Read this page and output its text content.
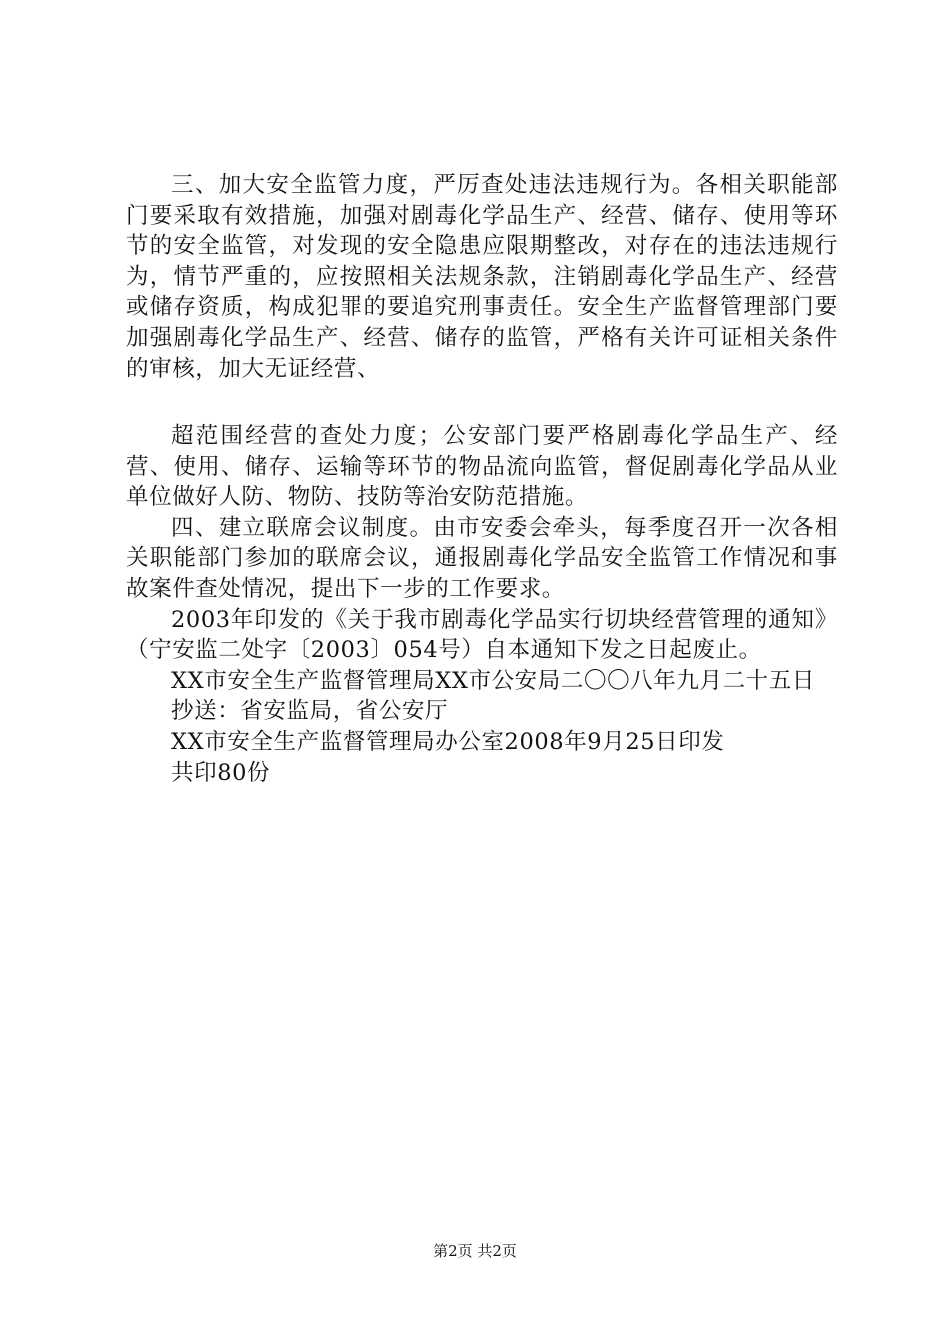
三、加大安全监管力度，严厉查处违法违规行为。各相关职能部门要采取有效措施，加强对剧毒化学品生产、经营、储存、使用等环节的安全监管，对发现的安全隐患应限期整改，对存在的违法违规行为，情节严重的，应按照相关法规条款，注销剧毒化学品生产、经营或储存资质，构成犯罪的要追究刑事责任。安全生产监督管理部门要加强剧毒化学品生产、经营、储存的监管，严格有关许可证相关条件的审核，加大无证经营、

超范围经营的查处力度；公安部门要严格剧毒化学品生产、经营、使用、储存、运输等环节的物品流向监管，督促剧毒化学品从业单位做好人防、物防、技防等治安防范措施。

四、建立联席会议制度。由市安委会牵头，每季度召开一次各相关职能部门参加的联席会议，通报剧毒化学品安全监管工作情况和事故案件查处情况，提出下一步的工作要求。

2003年印发的《关于我市剧毒化学品实行切块经营管理的通知》（宁安监二处字〔2003〕054号）自本通知下发之日起废止。

XX市安全生产监督管理局XX市公安局二〇〇八年九月二十五日

抄送：省安监局，省公安厅

XX市安全生产监督管理局办公室2008年9月25日印发

共印80份

第2页 共2页
